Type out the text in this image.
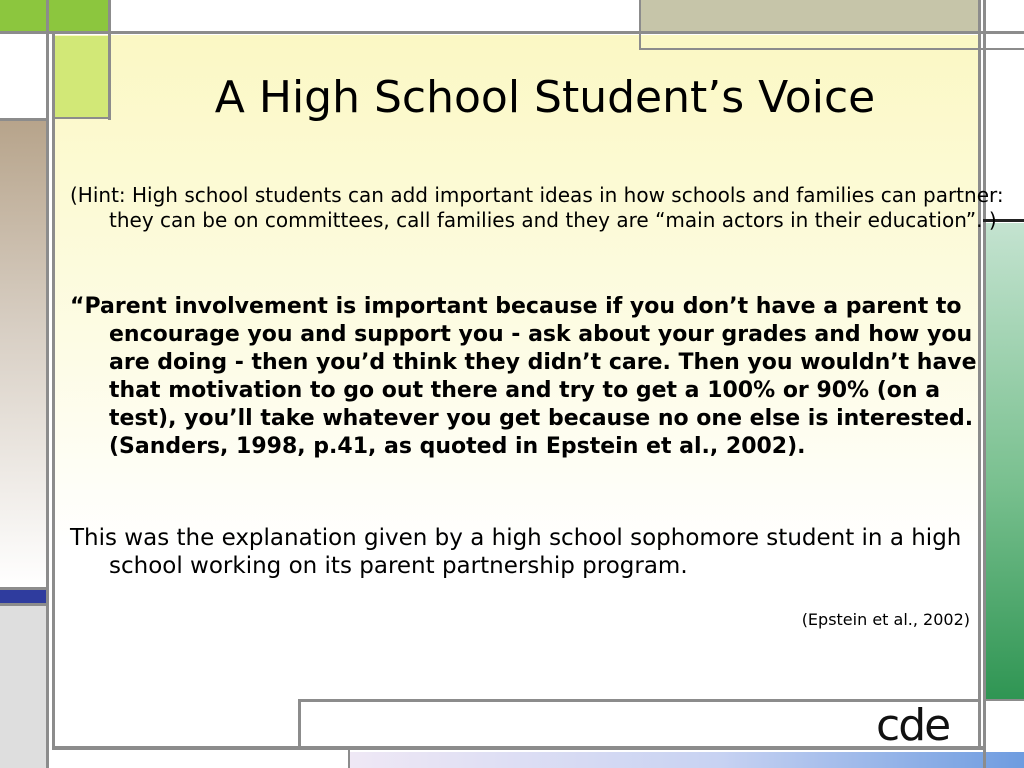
A High School Student’s Voice

(Hint: High school students can add important ideas in how schools and families can partner: they can be on committees, call families and they are “main actors in their education”. )

“Parent involvement is important because if you don’t have a parent to encourage you and support you - ask about your grades and how you are doing - then you’d think they didn’t care. Then you wouldn’t have that motivation to go out there and try to get a 100% or 90% (on a test), you’ll take whatever you get because no one else is interested. (Sanders, 1998, p.41, as quoted in Epstein et al., 2002).

This was the explanation given by a high school sophomore student in a high school working on its parent partnership program.

(Epstein et al., 2002)
cde
